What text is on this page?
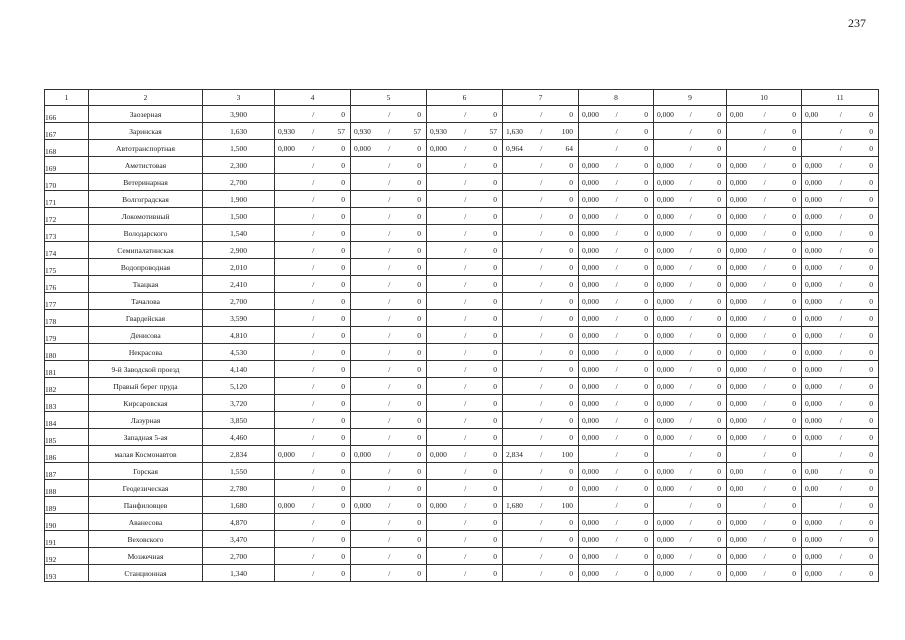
237
1	2	3	4	5	6	7	8	9	10	11
166	Заозерная	3,900	/ 0	/ 0	/ 0	/ 0	0,000 / 0	0,000 / 0	0,00 / 0	0,00 / 0

167	Заринская	1,630	0,930 / 57	0,930 / 57	0,930 / 57	1,630 / 100	/ 0	/ 0	/ 0	/ 0

168	Автотранспортная	1,500	0,000 / 0	0,000 / 0	0,000 / 0	0,964 / 64	/ 0	/ 0	/ 0	/ 0

169	Аметистовая	2,300	/ 0	/ 0	/ 0	/ 0	0,000 / 0	0,000 / 0	0,000 / 0	0,000 / 0

170	Ветеринарная	2,700	/ 0	/ 0	/ 0	/ 0	0,000 / 0	0,000 / 0	0,000 / 0	0,000 / 0

171	Волгоградская	1,900	/ 0	/ 0	/ 0	/ 0	0,000 / 0	0,000 / 0	0,000 / 0	0,000 / 0

172	Локомотивный	1,500	/ 0	/ 0	/ 0	/ 0	0,000 / 0	0,000 / 0	0,000 / 0	0,000 / 0

173	Володарского	1,540	/ 0	/ 0	/ 0	/ 0	0,000 / 0	0,000 / 0	0,000 / 0	0,000 / 0

174	Семипалатинская	2,900	/ 0	/ 0	/ 0	/ 0	0,000 / 0	0,000 / 0	0,000 / 0	0,000 / 0

175	Водопроводная	2,010	/ 0	/ 0	/ 0	/ 0	0,000 / 0	0,000 / 0	0,000 / 0	0,000 / 0

176	Ткацкая	2,410	/ 0	/ 0	/ 0	/ 0	0,000 / 0	0,000 / 0	0,000 / 0	0,000 / 0

177	Тачалова	2,700	/ 0	/ 0	/ 0	/ 0	0,000 / 0	0,000 / 0	0,000 / 0	0,000 / 0

178	Гвардейская	3,590	/ 0	/ 0	/ 0	/ 0	0,000 / 0	0,000 / 0	0,000 / 0	0,000 / 0

179	Денисова	4,810	/ 0	/ 0	/ 0	/ 0	0,000 / 0	0,000 / 0	0,000 / 0	0,000 / 0

180	Некрасова	4,530	/ 0	/ 0	/ 0	/ 0	0,000 / 0	0,000 / 0	0,000 / 0	0,000 / 0

181	9-й Заводской проезд	4,140	/ 0	/ 0	/ 0	/ 0	0,000 / 0	0,000 / 0	0,000 / 0	0,000 / 0

182	Правый берег пруда	5,120	/ 0	/ 0	/ 0	/ 0	0,000 / 0	0,000 / 0	0,000 / 0	0,000 / 0

183	Кирсаровская	3,720	/ 0	/ 0	/ 0	/ 0	0,000 / 0	0,000 / 0	0,000 / 0	0,000 / 0

184	Лазурная	3,850	/ 0	/ 0	/ 0	/ 0	0,000 / 0	0,000 / 0	0,000 / 0	0,000 / 0

185	Западная 5-ая	4,460	/ 0	/ 0	/ 0	/ 0	0,000 / 0	0,000 / 0	0,000 / 0	0,000 / 0

186	малая Космонавтов	2,834	0,000 / 0	0,000 / 0	0,000 / 0	2,834 / 100	/ 0	/ 0	/ 0	/ 0

187	Горская	1,550	/ 0	/ 0	/ 0	/ 0	0,000 / 0	0,000 / 0	0,00 / 0	0,00 / 0

188	Геодезическая	2,780	/ 0	/ 0	/ 0	/ 0	0,000 / 0	0,000 / 0	0,00 / 0	0,00 / 0

189	Панфиловцев	1,680	0,000 / 0	0,000 / 0	0,000 / 0	1,680 / 100	/ 0	/ 0	/ 0	/ 0

190	Аванесова	4,870	/ 0	/ 0	/ 0	/ 0	0,000 / 0	0,000 / 0	0,000 / 0	0,000 / 0

191	Веховского	3,470	/ 0	/ 0	/ 0	/ 0	0,000 / 0	0,000 / 0	0,000 / 0	0,000 / 0

192	Мозжечная	2,700	/ 0	/ 0	/ 0	/ 0	0,000 / 0	0,000 / 0	0,000 / 0	0,000 / 0

193	Станционная	1,340	/ 0	/ 0	/ 0	/ 0	0,000 / 0	0,000 / 0	0,000 / 0	0,000 / 0
